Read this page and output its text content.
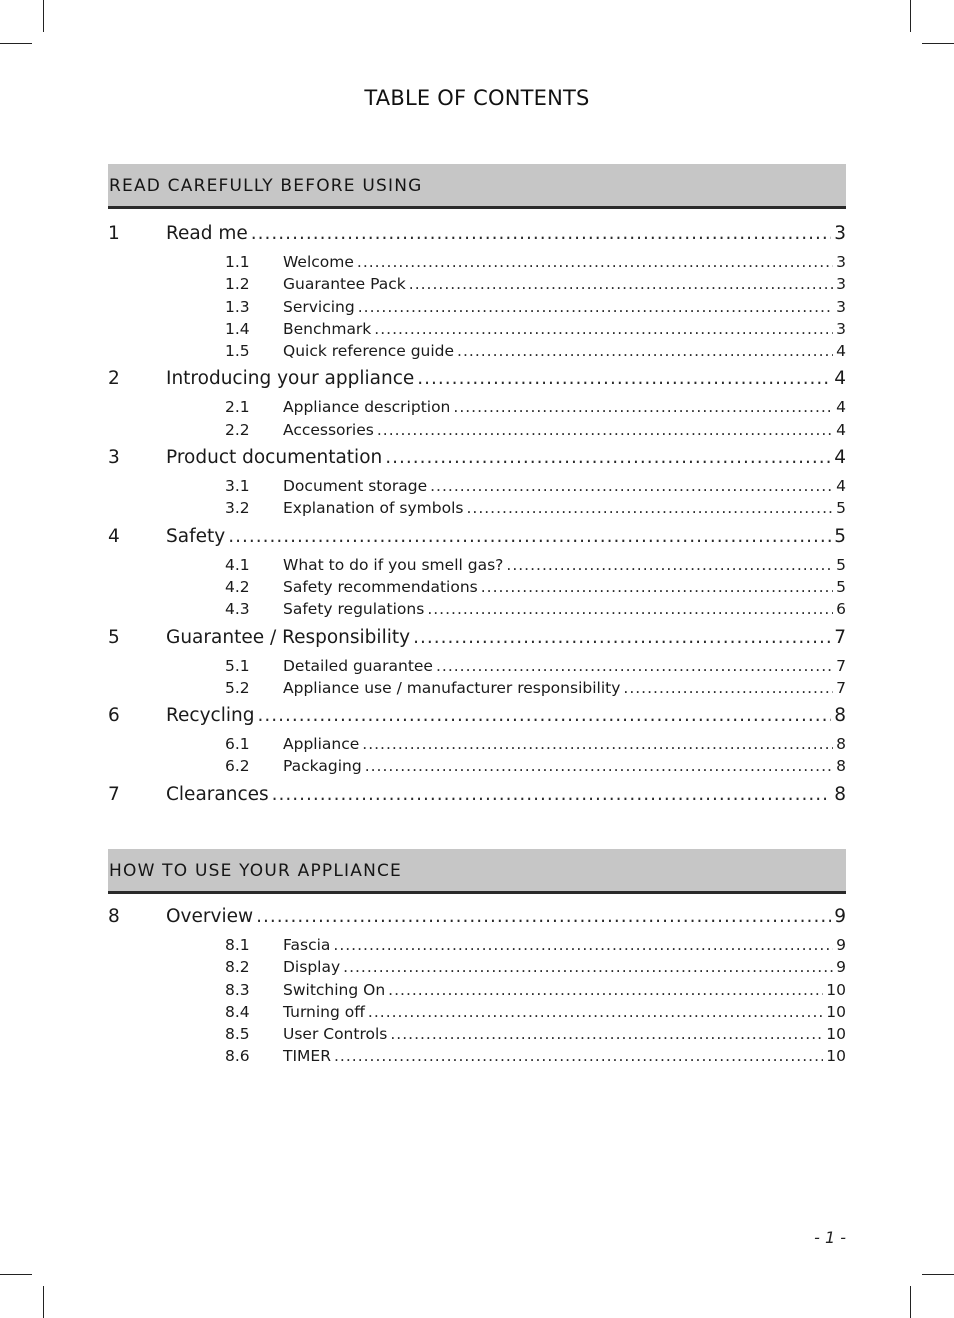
TABLE OF CONTENTS
READ CAREFULLY BEFORE USING
1	Read me .....	3
1.1	Welcome .....	3
1.2	Guarantee Pack .....	3
1.3	Servicing .....	3
1.4	Benchmark .....	3
1.5	Quick reference guide .....	4
2	Introducing your appliance .....	4
2.1	Appliance description .....	4
2.2	Accessories .....	4
3	Product documentation .....	4
3.1	Document storage .....	4
3.2	Explanation of symbols .....	5
4	Safety .....	5
4.1	What to do if you smell gas? .....	5
4.2	Safety recommendations .....	5
4.3	Safety regulations .....	6
5	Guarantee / Responsibility .....	7
5.1	Detailed guarantee .....	7
5.2	Appliance use / manufacturer responsibility .....	7
6	Recycling .....	8
6.1	Appliance .....	8
6.2	Packaging .....	8
7	Clearances .....	8
HOW TO USE YOUR APPLIANCE
8	Overview .....	9
8.1	Fascia .....	9
8.2	Display .....	9
8.3	Switching On .....	10
8.4	Turning off .....	10
8.5	User Controls .....	10
8.6	TIMER .....	10
- 1 -
